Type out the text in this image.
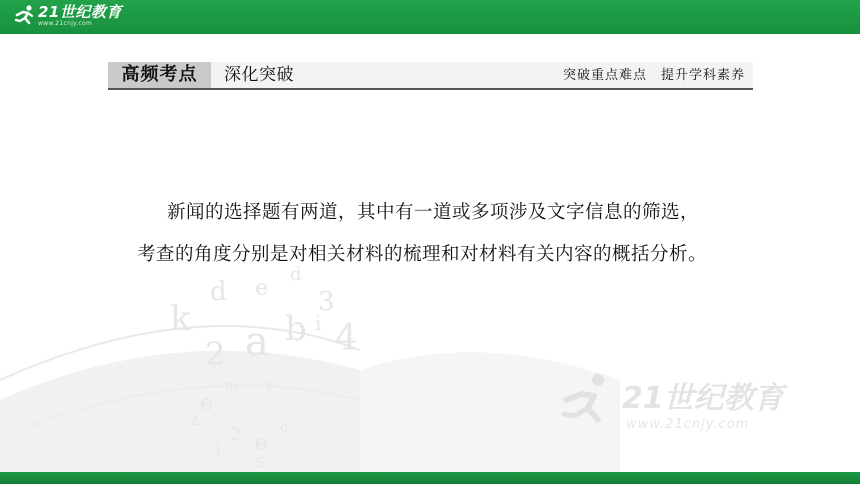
21世纪教育
www.21cnjy.com
k
d
2 a b i 4
3
e
m y
e
z
2
i e
c
d
5
21世纪教育
www.21cnjy.com
高频考点	深化突破	突破重点难点　提升学科素养
新闻的选择题有两道，其中有一道或多项涉及文字信息的筛选，
考查的角度分别是对相关材料的梳理和对材料有关内容的概括分析。
